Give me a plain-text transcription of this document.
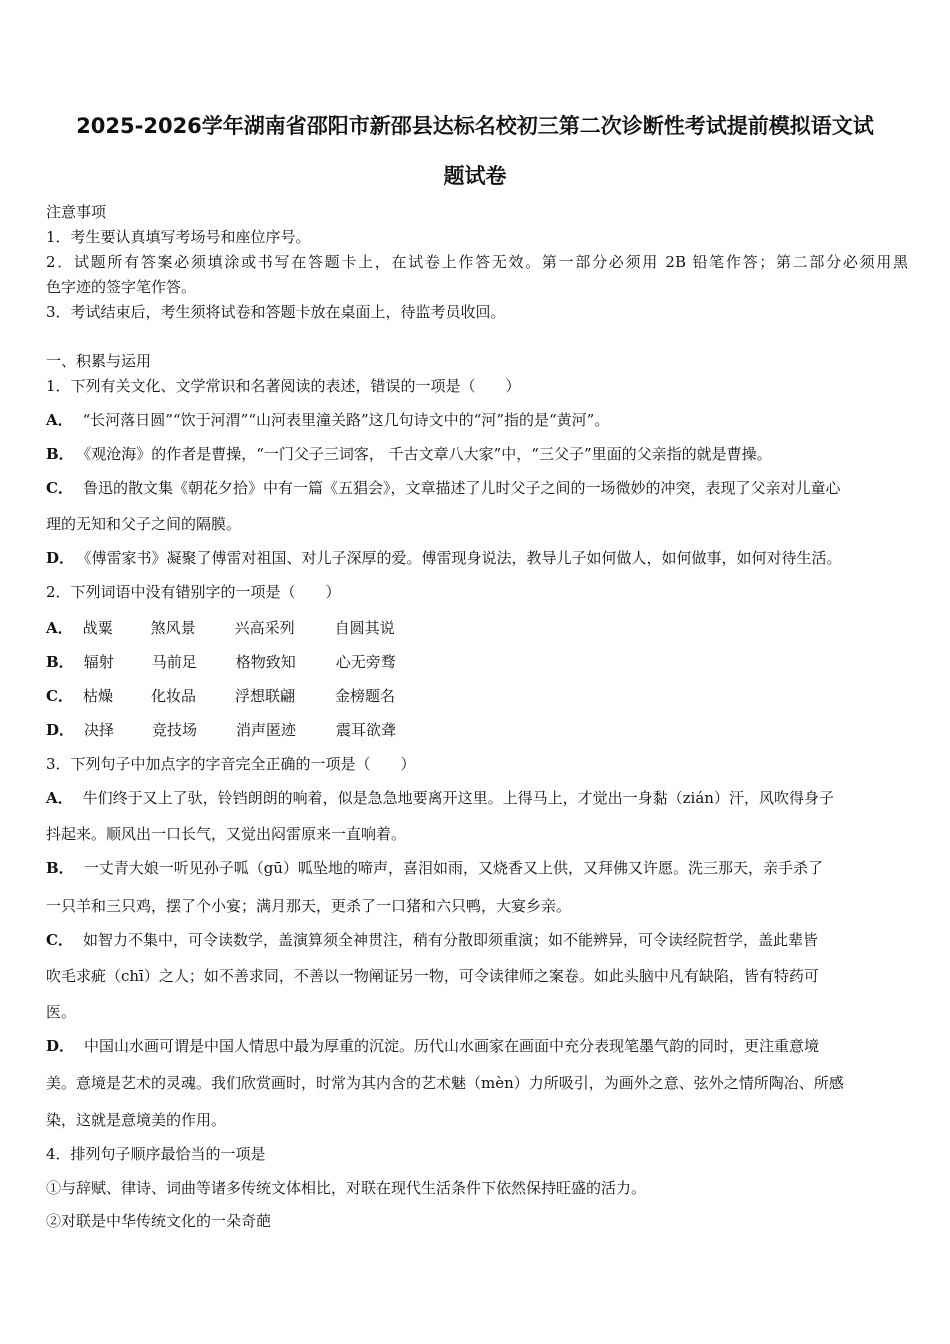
2025-2026学年湖南省邵阳市新邵县达标名校初三第二次诊断性考试提前模拟语文试
题试卷
注意事项
1．考生要认真填写考场号和座位序号。
2．试题所有答案必须填涂或书写在答题卡上，在试卷上作答无效。第一部分必须用 2B 铅笔作答；第二部分必须用黑
色字迹的签字笔作答。
3．考试结束后，考生须将试卷和答题卡放在桌面上，待监考员收回。
一、积累与运用
1．下列有关文化、文学常识和名著阅读的表述，错误的一项是（　　）
A． “长河落日圆”“饮于河渭”“山河表里潼关路”这几句诗文中的“河”指的是“黄河”。
B． 《观沧海》的作者是曹操，“一门父子三词客， 千古文章八大家”中，“三父子”里面的父亲指的就是曹操。
C． 鲁迅的散文集《朝花夕拾》中有一篇《五猖会》，文章描述了儿时父子之间的一场微妙的冲突，表现了父亲对儿童心
理的无知和父子之间的隔膜。
D． 《傅雷家书》凝聚了傅雷对祖国、对儿子深厚的爱。傅雷现身说法，教导儿子如何做人，如何做事，如何对待生活。
2．下列词语中没有错别字的一项是（　　）
A． 战粟	煞风景	兴高采列	自圆其说
B． 辐射	马前足	格物致知	心无旁骛
C． 枯燥	化妆品	浮想联翩	金榜题名
D． 决择	竞技场	消声匿迹	震耳欲聋
3．下列句子中加点字的字音完全正确的一项是（　　）
A． 牛们终于又上了驮，铃铛朗朗的响着，似是急急地要离开这里。上得马上，才觉出一身黏（zián）汗，风吹得身子
抖起来。顺风出一口长气，又觉出闷雷原来一直响着。
B． 一丈青大娘一听见孙子呱（gū）呱坠地的啼声，喜泪如雨，又烧香又上供，又拜佛又许愿。洗三那天，亲手杀了
一只羊和三只鸡，摆了个小宴；满月那天，更杀了一口猪和六只鸭，大宴乡亲。
C． 如智力不集中，可令读数学，盖演算须全神贯注，稍有分散即须重演；如不能辨异，可令读经院哲学，盖此辈皆
吹毛求疵（chī）之人；如不善求同，不善以一物阐证另一物，可令读律师之案卷。如此头脑中凡有缺陷，皆有特药可
医。
D． 中国山水画可谓是中国人情思中最为厚重的沉淀。历代山水画家在画面中充分表现笔墨气韵的同时，更注重意境
美。意境是艺术的灵魂。我们欣赏画时，时常为其内含的艺术魅（mèn）力所吸引，为画外之意、弦外之情所陶冶、所感
染，这就是意境美的作用。
4．排列句子顺序最恰当的一项是
①与辞赋、律诗、词曲等诸多传统文体相比，对联在现代生活条件下依然保持旺盛的活力。
②对联是中华传统文化的一朵奇葩
